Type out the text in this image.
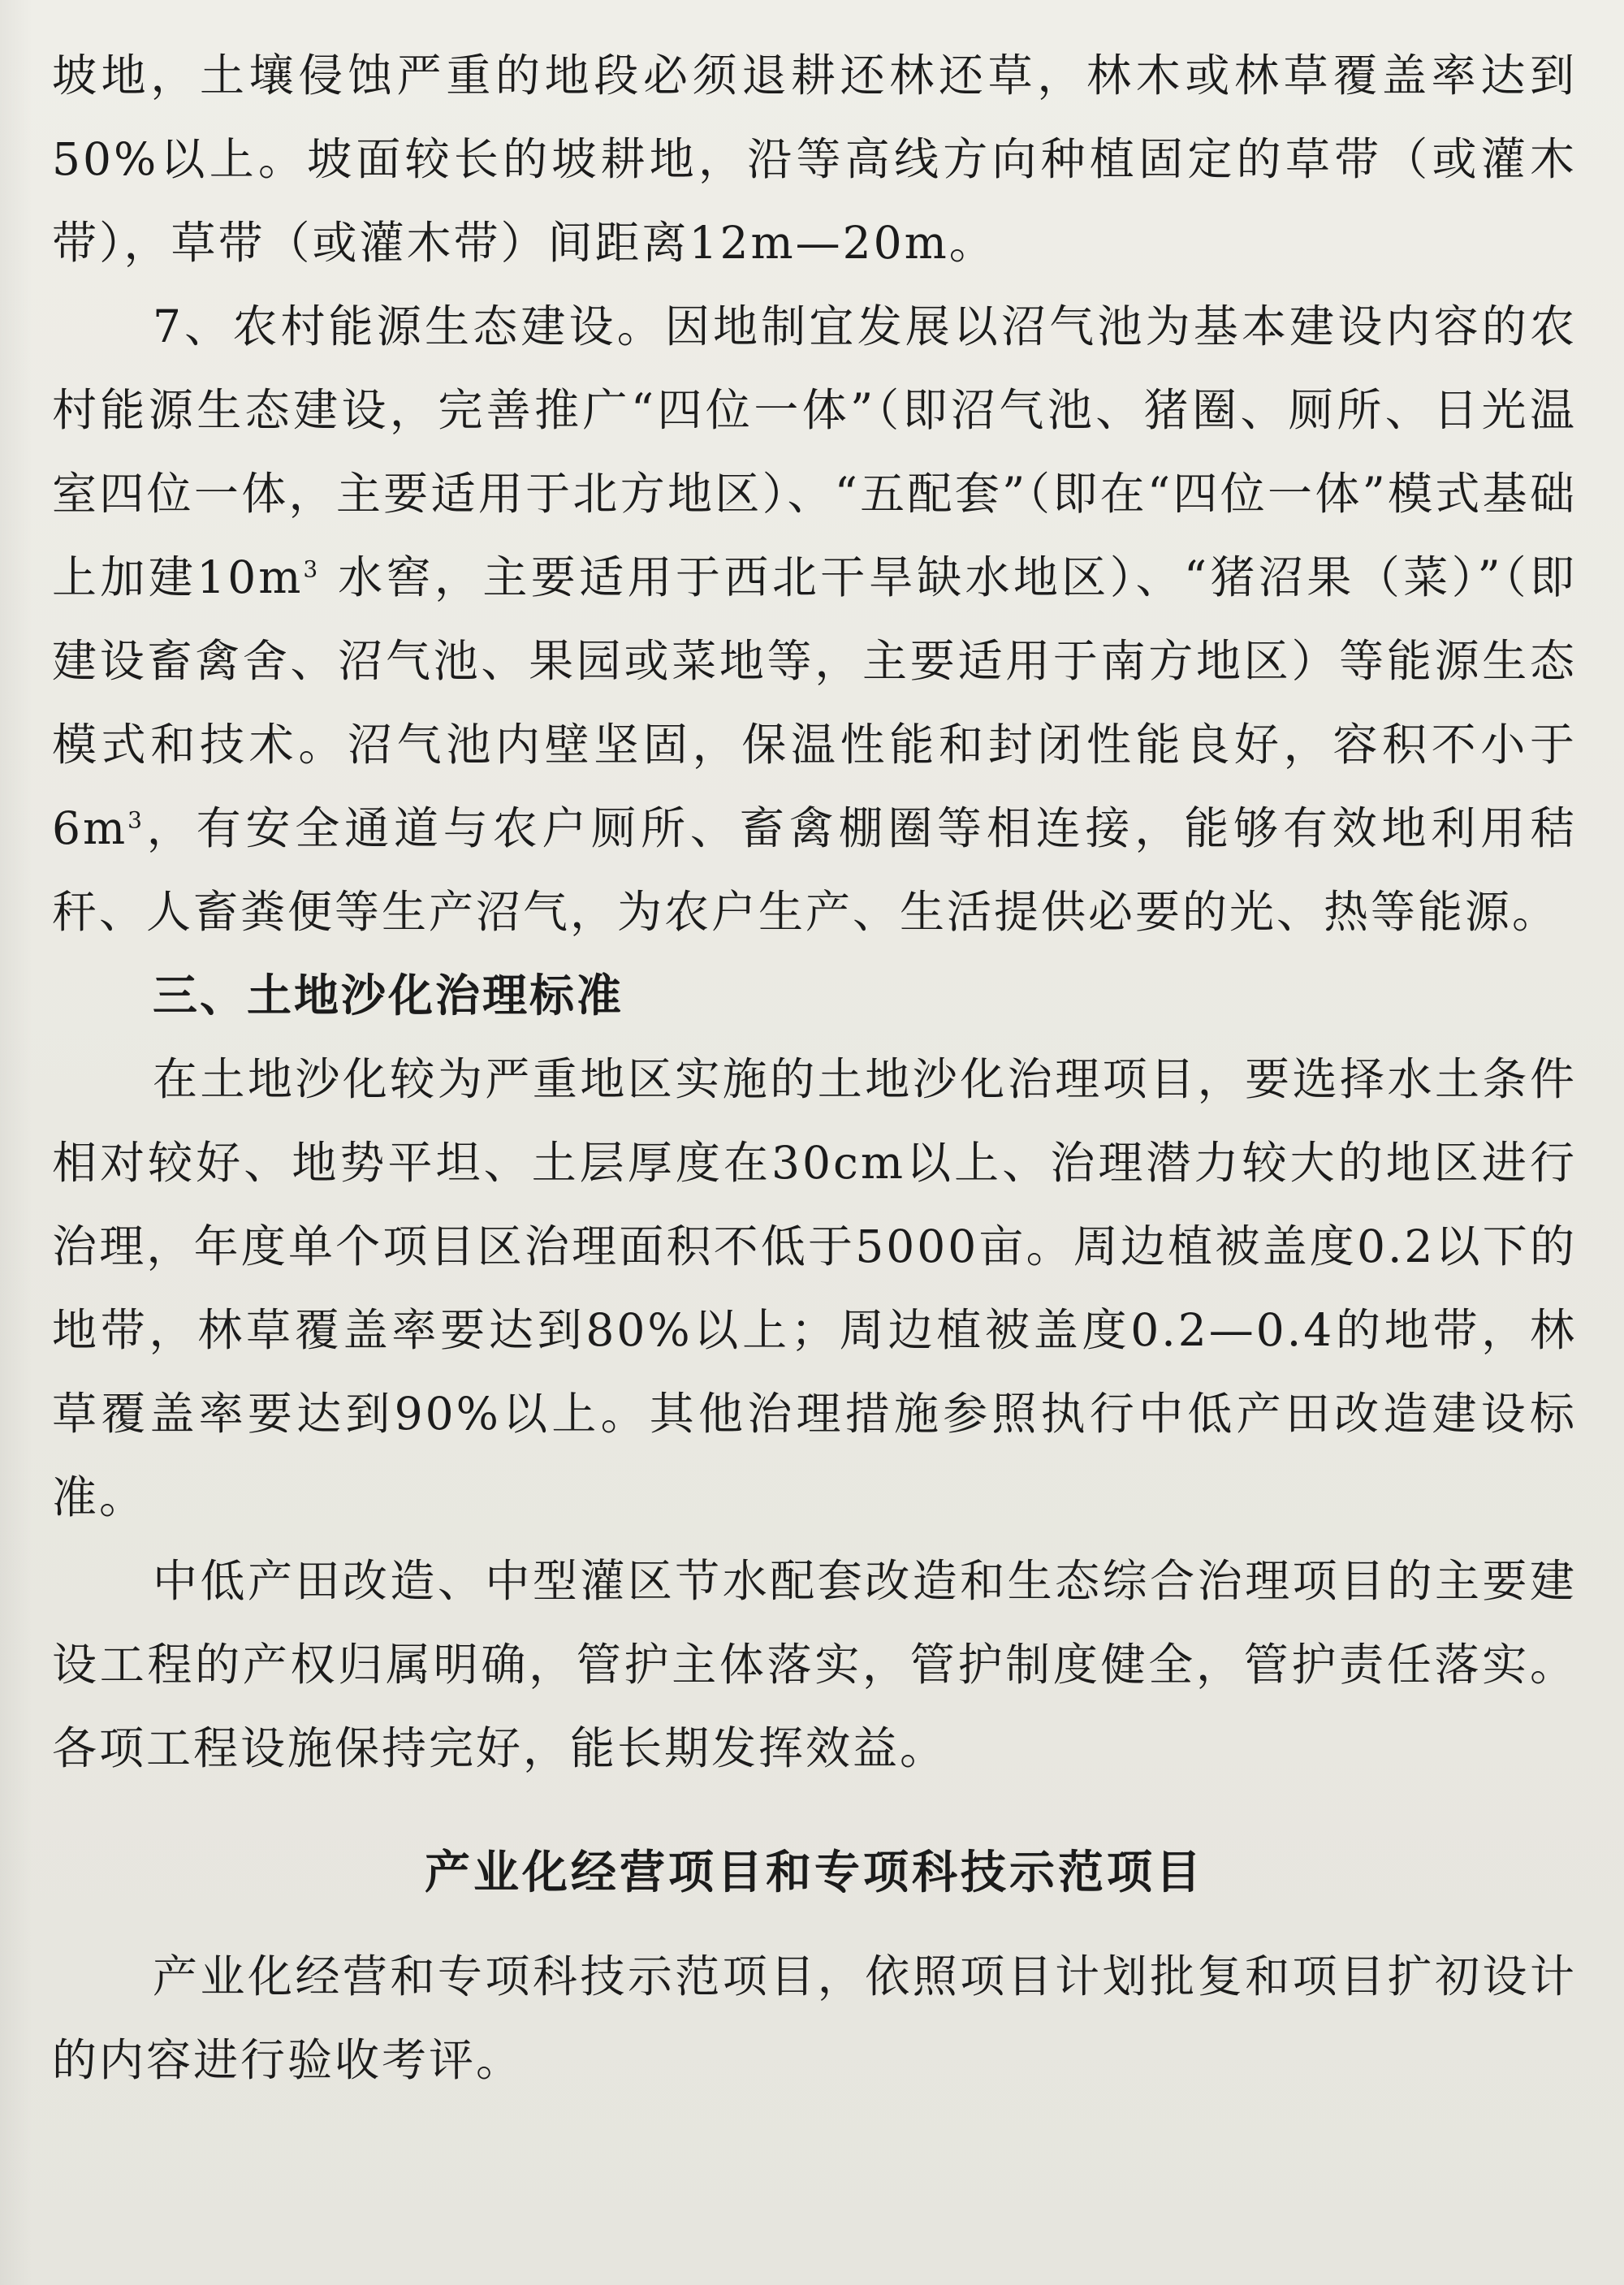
坡地，土壤侵蚀严重的地段必须退耕还林还草，林木或林草覆盖率达到50%以上。坡面较长的坡耕地，沿等高线方向种植固定的草带（或灌木带），草带（或灌木带）间距离12m—20m。

7、农村能源生态建设。因地制宜发展以沼气池为基本建设内容的农村能源生态建设，完善推广“四位一体”（即沼气池、猪圈、厕所、日光温室四位一体，主要适用于北方地区）、“五配套”（即在“四位一体”模式基础上加建$10m^3$ 水窖，主要适用于西北干旱缺水地区）、“猪沼果（菜）”（即建设畜禽舍、沼气池、果园或菜地等，主要适用于南方地区）等能源生态模式和技术。沼气池内壁坚固，保温性能和封闭性能良好，容积不小于$6m^3$，有安全通道与农户厕所、畜禽棚圈等相连接，能够有效地利用秸秆、人畜粪便等生产沼气，为农户生产、生活提供必要的光、热等能源。

三、土地沙化治理标准

在土地沙化较为严重地区实施的土地沙化治理项目，要选择水土条件相对较好、地势平坦、土层厚度在30cm以上、治理潜力较大的地区进行治理，年度单个项目区治理面积不低于5000亩。周边植被盖度0.2以下的地带，林草覆盖率要达到80%以上；周边植被盖度0.2—0.4的地带，林草覆盖率要达到90%以上。其他治理措施参照执行中低产田改造建设标准。

中低产田改造、中型灌区节水配套改造和生态综合治理项目的主要建设工程的产权归属明确，管护主体落实，管护制度健全，管护责任落实。各项工程设施保持完好，能长期发挥效益。

产业化经营项目和专项科技示范项目

产业化经营和专项科技示范项目，依照项目计划批复和项目扩初设计的内容进行验收考评。
